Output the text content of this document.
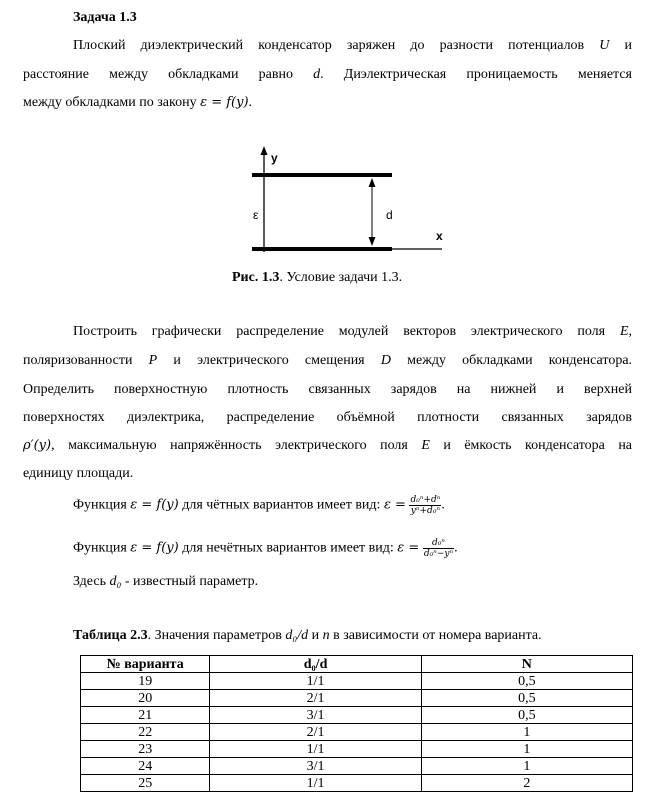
Задача 1.3

Плоский диэлектрический конденсатор заряжен до разности потенциалов U и

расстояние между обкладками равно d. Диэлектрическая проницаемость меняется

между обкладками по закону ε = f(y).

y
x
ε	d

Рис. 1.3. Условие задачи 1.3.

Построить графически распределение модулей векторов электрического поля E,

поляризованности P и электрического смещения D между обкладками конденсатора.

Определить поверхностную плотность связанных зарядов на нижней и верхней

поверхностях диэлектрика, распределение объёмной плотности связанных зарядов

ρ′(y), максимальную напряжённость электрического поля E и ёмкость конденсатора на

единицу площади.

Функция ε = f(y) для чётных вариантов имеет вид: $\varepsilon = \frac{\text{d₀ⁿ+dⁿ}}{\text{yⁿ+d₀ⁿ}}$ .

Функция ε = f(y) для нечётных вариантов имеет вид: $\varepsilon = \frac{\text{d₀ⁿ}}{\text{d₀ⁿ−yⁿ}}$ .

Здесь d₀ - известный параметр.

Таблица 2.3. Значения параметров d₀/d и n в зависимости от номера варианта.

№ варианта	d₀/d	N
19	1/1	0,5
20	2/1	0,5
21	3/1	0,5
22	2/1	1
23	1/1	1
24	3/1	1
25	1/1	2
